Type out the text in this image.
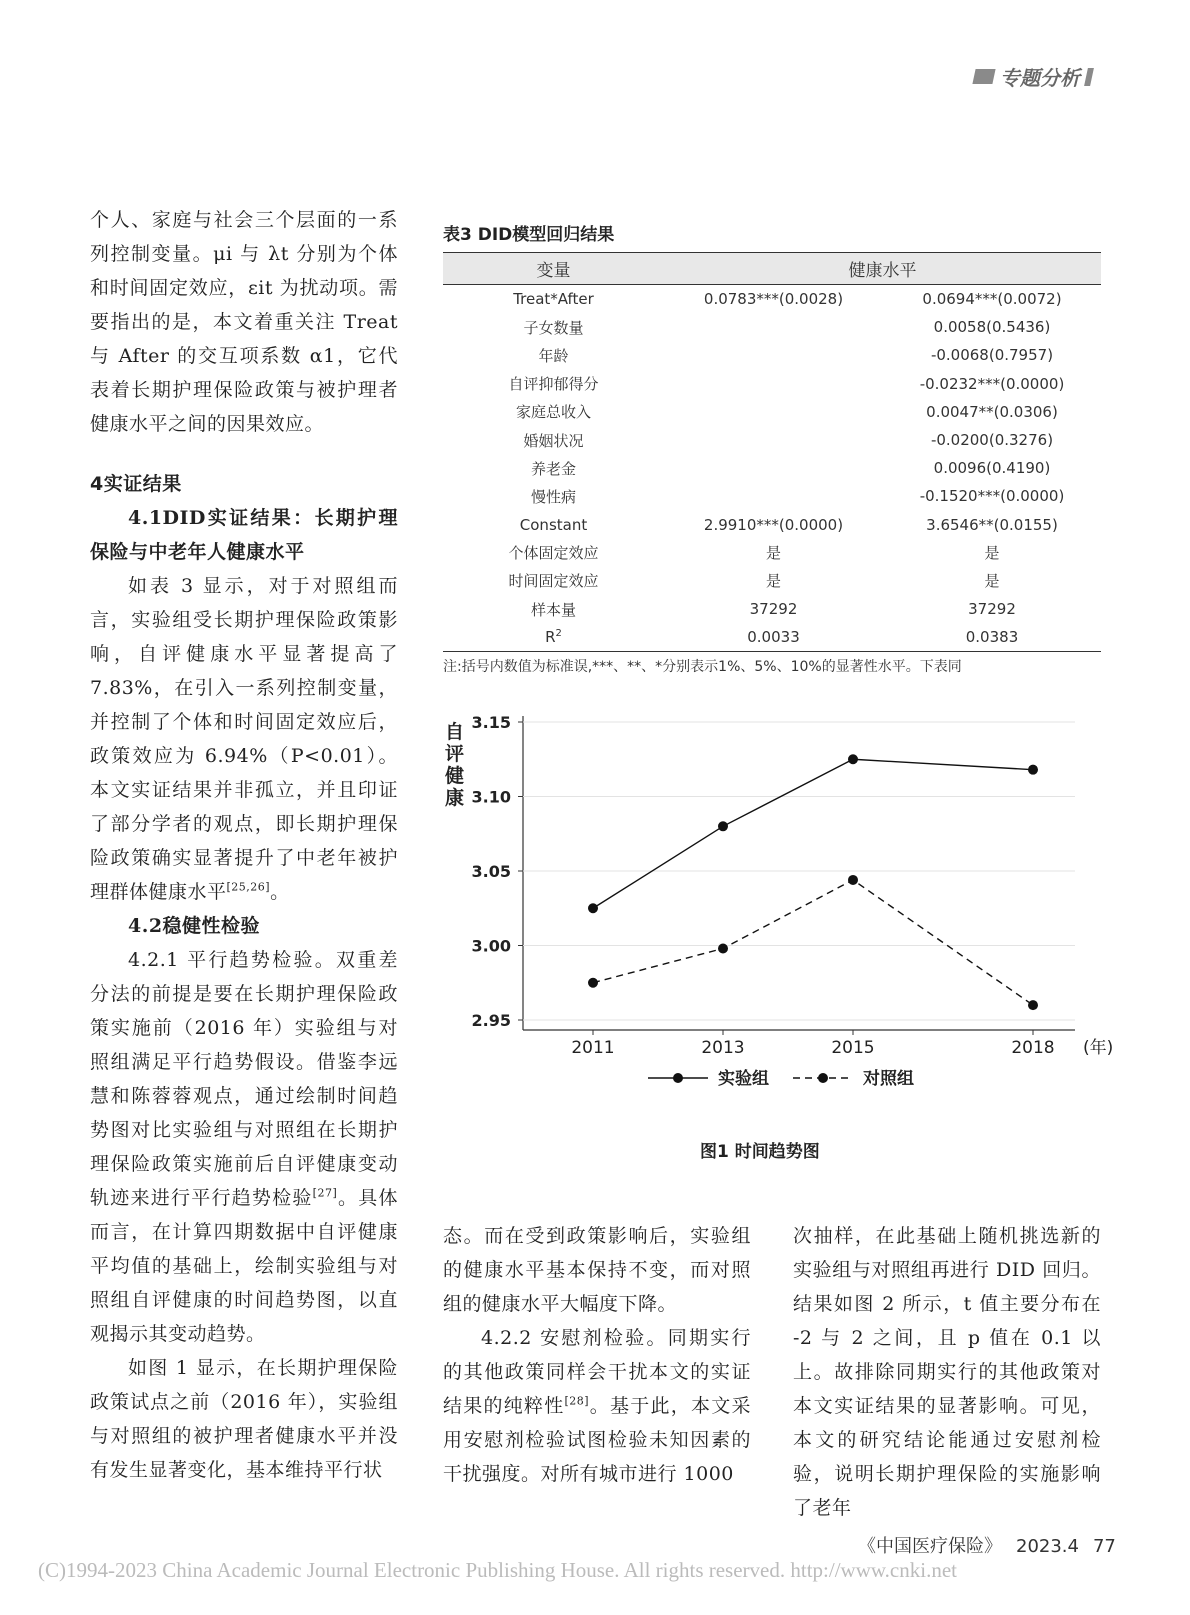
专题分析

个人、家庭与社会三个层面的一系列控制变量。μi 与 λt 分别为个体和时间固定效应，εit 为扰动项。需要指出的是，本文着重关注 Treat 与 After 的交互项系数 α1，它代表着长期护理保险政策与被护理者健康水平之间的因果效应。

4实证结果

4.1DID实证结果：长期护理保险与中老年人健康水平

如表 3 显示，对于对照组而言，实验组受长期护理保险政策影响，自评健康水平显著提高了 7.83%，在引入一系列控制变量，并控制了个体和时间固定效应后，政策效应为 6.94%（P<0.01）。本文实证结果并非孤立，并且印证了部分学者的观点，即长期护理保险政策确实显著提升了中老年被护理群体健康水平[25,26]。

4.2稳健性检验

4.2.1 平行趋势检验。双重差分法的前提是要在长期护理保险政策实施前（2016 年）实验组与对照组满足平行趋势假设。借鉴李远慧和陈蓉蓉观点，通过绘制时间趋势图对比实验组与对照组在长期护理保险政策实施前后自评健康变动轨迹来进行平行趋势检验[27]。具体而言，在计算四期数据中自评健康平均值的基础上，绘制实验组与对照组自评健康的时间趋势图，以直观揭示其变动趋势。

如图 1 显示，在长期护理保险政策试点之前（2016 年），实验组与对照组的被护理者健康水平并没有发生显著变化，基本维持平行状

表3 DID模型回归结果
变量	健康水平	
Treat*After	0.0783***(0.0028)	0.0694***(0.0072)
子女数量		0.0058(0.5436)
年龄		-0.0068(0.7957)
自评抑郁得分		-0.0232***(0.0000)
家庭总收入		0.0047**(0.0306)
婚姻状况		-0.0200(0.3276)
养老金		0.0096(0.4190)
慢性病		-0.1520***(0.0000)
Constant	2.9910***(0.0000)	3.6546**(0.0155)
个体固定效应	是	是
时间固定效应	是	是
样本量	37292	37292
$R^2$	0.0033	0.0383
注:括号内数值为标准误,***、**、*分别表示1%、5%、10%的显著性水平。下表同
3.15
3.10
3.05
3.00
2.95
自
评
健
康
2011	2013	2015	2018 (年)
实验组	对照组
图1 时间趋势图

态。而在受到政策影响后，实验组的健康水平基本保持不变，而对照组的健康水平大幅度下降。

4.2.2 安慰剂检验。同期实行的其他政策同样会干扰本文的实证结果的纯粹性[28]。基于此，本文采用安慰剂检验试图检验未知因素的干扰强度。对所有城市进行 1000

次抽样，在此基础上随机挑选新的实验组与对照组再进行 DID 回归。结果如图 2 所示，t 值主要分布在 -2 与 2 之间，且 p 值在 0.1 以上。故排除同期实行的其他政策对本文实证结果的显著影响。可见，本文的研究结论能通过安慰剂检验，说明长期护理保险的实施影响了老年

《中国医疗保险》 2023.4 77
(C)1994-2023 China Academic Journal Electronic Publishing House. All rights reserved. http://www.cnki.net
